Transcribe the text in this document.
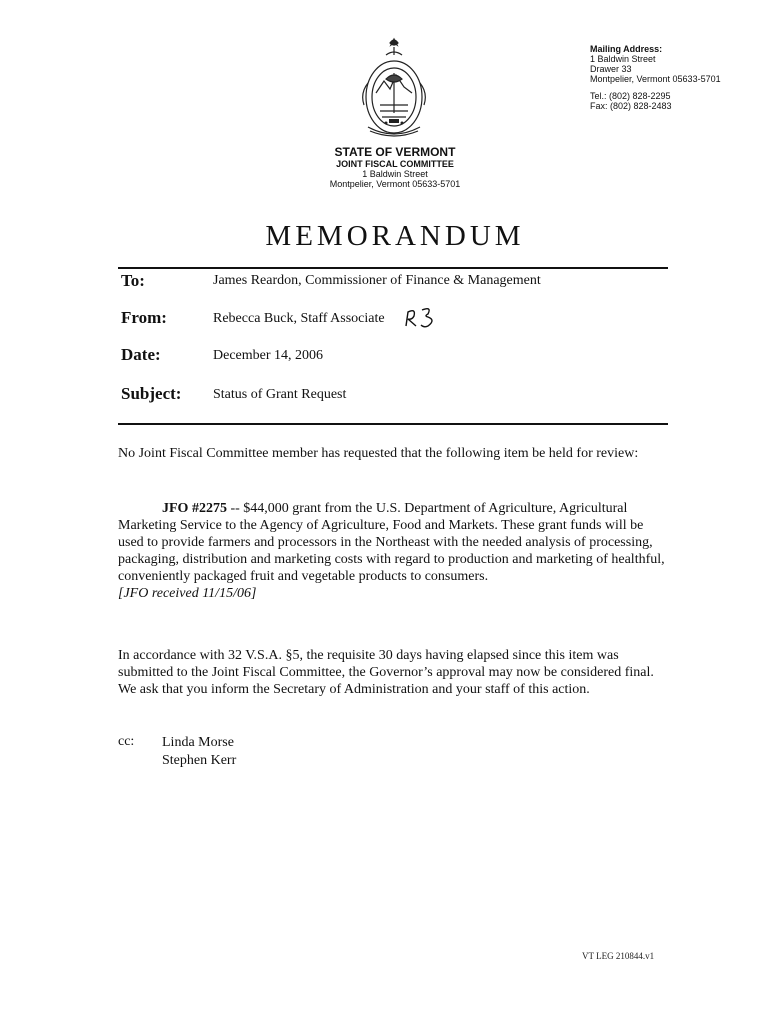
Mailing Address:
1 Baldwin Street
Drawer 33
Montpelier, Vermont 05633-5701
Tel.: (802) 828-2295
Fax: (802) 828-2483
STATE OF VERMONT
JOINT FISCAL COMMITTEE
1 Baldwin Street
Montpelier, Vermont 05633-5701
MEMORANDUM
To:	James Reardon, Commissioner of Finance & Management
From:	Rebecca Buck, Staff Associate
Date:	December 14, 2006
Subject: Status of Grant Request

No Joint Fiscal Committee member has requested that the following item be held for review:

JFO #2275 -- $44,000 grant from the U.S. Department of Agriculture, Agricultural Marketing Service to the Agency of Agriculture, Food and Markets. These grant funds will be used to provide farmers and processors in the Northeast with the needed analysis of processing, packaging, distribution and marketing costs with regard to production and marketing of healthful, conveniently packaged fruit and vegetable products to consumers.

[JFO received 11/15/06]

In accordance with 32 V.S.A. §5, the requisite 30 days having elapsed since this item was submitted to the Joint Fiscal Committee, the Governor’s approval may now be considered final. We ask that you inform the Secretary of Administration and your staff of this action.

cc: Linda Morse
Stephen Kerr
VT LEG 210844.v1
